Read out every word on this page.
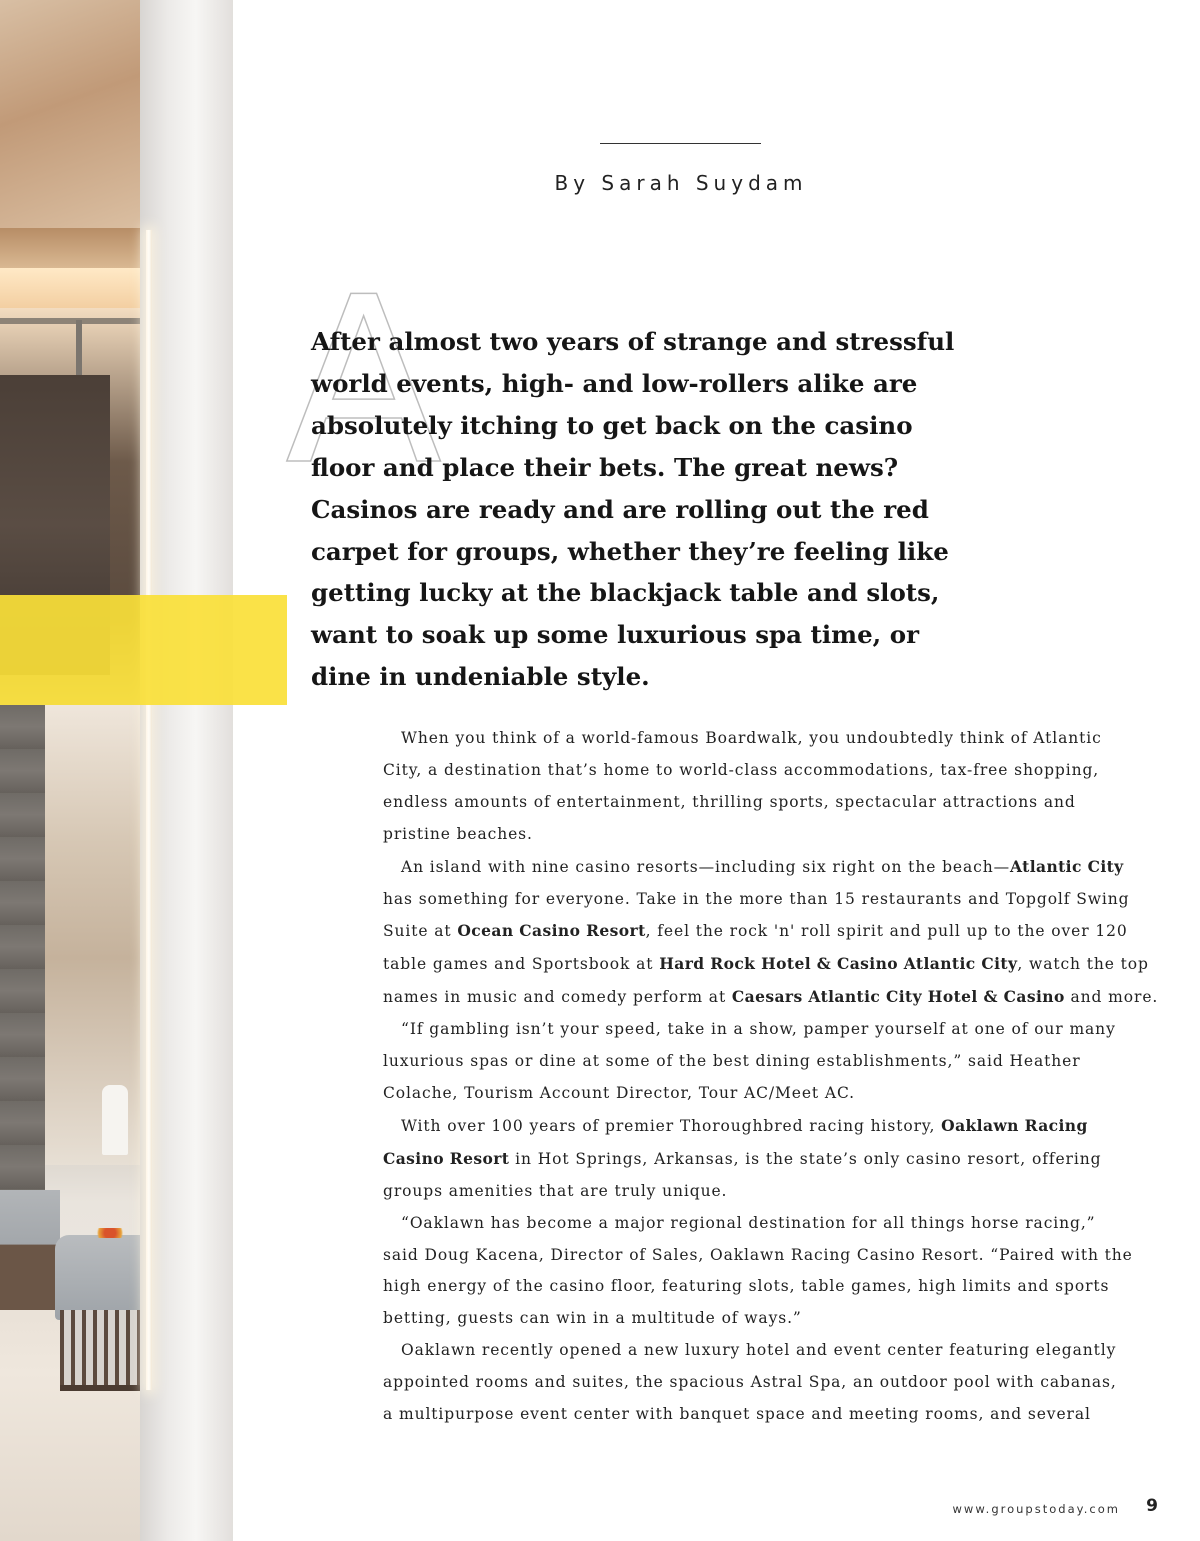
By Sarah Suydam

A

After almost two years of strange and stressful
world events, high- and low-rollers alike are
absolutely itching to get back on the casino
floor and place their bets. The great news?
Casinos are ready and are rolling out the red
carpet for groups, whether they’re feeling like
getting lucky at the blackjack table and slots,
want to soak up some luxurious spa time, or
dine in undeniable style.

When you think of a world-famous Boardwalk, you undoubtedly think of Atlantic
City, a destination that’s home to world-class accommodations, tax-free shopping,
endless amounts of entertainment, thrilling sports, spectacular attractions and
pristine beaches.
An island with nine casino resorts—including six right on the beach—Atlantic City
has something for everyone. Take in the more than 15 restaurants and Topgolf Swing
Suite at Ocean Casino Resort, feel the rock 'n' roll spirit and pull up to the over 120
table games and Sportsbook at Hard Rock Hotel & Casino Atlantic City, watch the top
names in music and comedy perform at Caesars Atlantic City Hotel & Casino and more.
“If gambling isn’t your speed, take in a show, pamper yourself at one of our many
luxurious spas or dine at some of the best dining establishments,” said Heather
Colache, Tourism Account Director, Tour AC/Meet AC.
With over 100 years of premier Thoroughbred racing history, Oaklawn Racing
Casino Resort in Hot Springs, Arkansas, is the state’s only casino resort, offering
groups amenities that are truly unique.
“Oaklawn has become a major regional destination for all things horse racing,”
said Doug Kacena, Director of Sales, Oaklawn Racing Casino Resort. “Paired with the
high energy of the casino floor, featuring slots, table games, high limits and sports
betting, guests can win in a multitude of ways.”
Oaklawn recently opened a new luxury hotel and event center featuring elegantly
appointed rooms and suites, the spacious Astral Spa, an outdoor pool with cabanas,
a multipurpose event center with banquet space and meeting rooms, and several

www.groupstoday.com 9
